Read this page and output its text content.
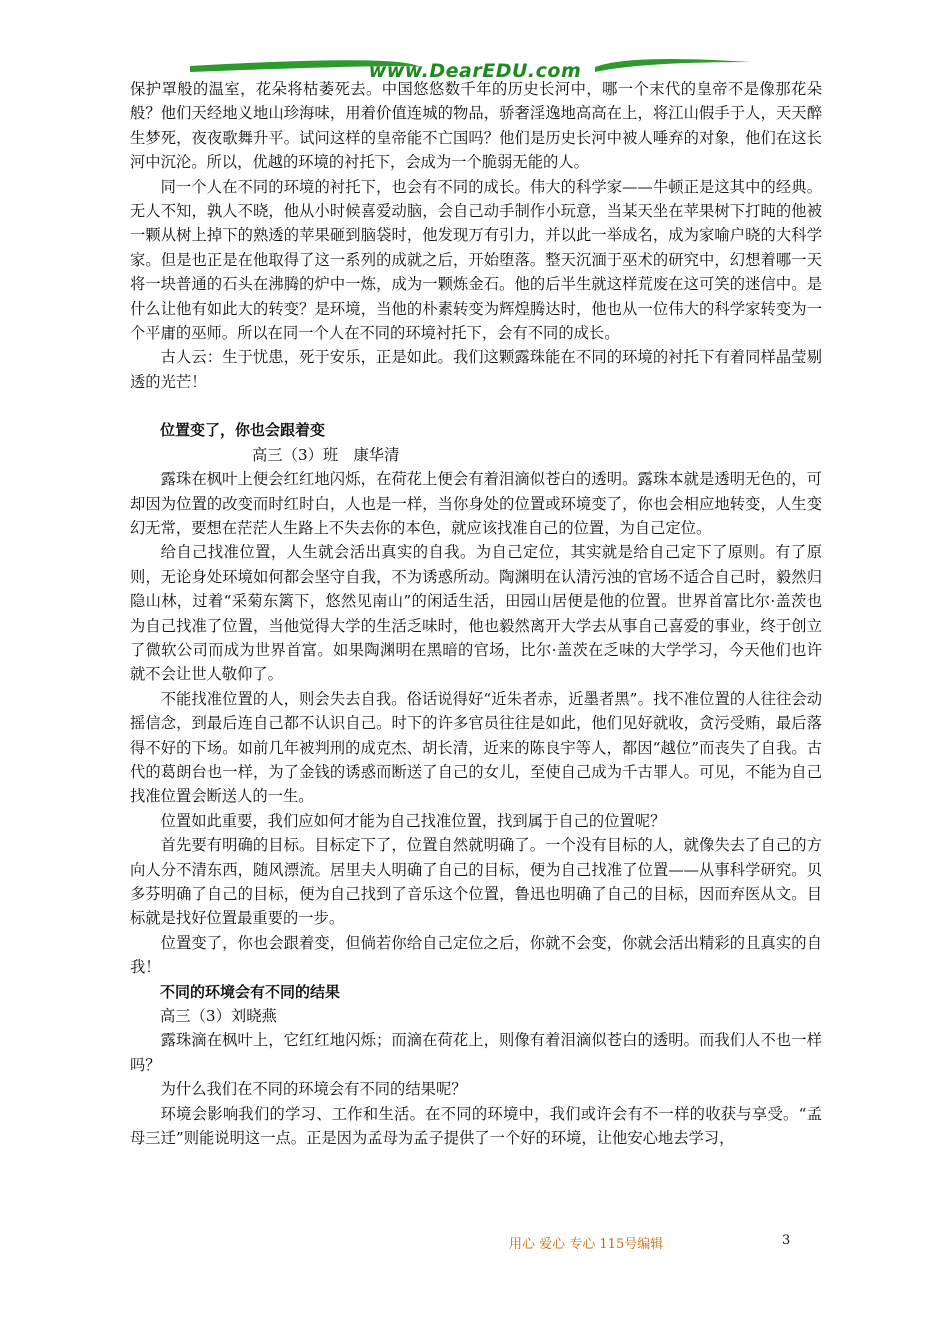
www.DearEDU.com

保护罩般的温室，花朵将枯萎死去。中国悠悠数千年的历史长河中，哪一个末代的皇帝不是像那花朵般？他们天经地义地山珍海味，用着价值连城的物品，骄奢淫逸地高高在上，将江山假手于人，天天醉生梦死，夜夜歌舞升平。试问这样的皇帝能不亡国吗？他们是历史长河中被人唾弃的对象，他们在这长河中沉沦。所以，优越的环境的衬托下，会成为一个脆弱无能的人。

同一个人在不同的环境的衬托下，也会有不同的成长。伟大的科学家——牛顿正是这其中的经典。无人不知，孰人不晓，他从小时候喜爱动脑，会自己动手制作小玩意，当某天坐在苹果树下打盹的他被一颗从树上掉下的熟透的苹果砸到脑袋时，他发现万有引力，并以此一举成名，成为家喻户晓的大科学家。但是也正是在他取得了这一系列的成就之后，开始堕落。整天沉湎于巫术的研究中，幻想着哪一天将一块普通的石头在沸腾的炉中一炼，成为一颗炼金石。他的后半生就这样荒废在这可笑的迷信中。是什么让他有如此大的转变？是环境，当他的朴素转变为辉煌腾达时，他也从一位伟大的科学家转变为一个平庸的巫师。所以在同一个人在不同的环境衬托下，会有不同的成长。

古人云：生于忧患，死于安乐，正是如此。我们这颗露珠能在不同的环境的衬托下有着同样晶莹剔透的光芒！

位置变了，你也会跟着变
高三（3）班　康华清

露珠在枫叶上便会红红地闪烁，在荷花上便会有着泪滴似苍白的透明。露珠本就是透明无色的，可却因为位置的改变而时红时白，人也是一样，当你身处的位置或环境变了，你也会相应地转变，人生变幻无常，要想在茫茫人生路上不失去你的本色，就应该找准自己的位置，为自己定位。

给自己找准位置，人生就会活出真实的自我。为自己定位，其实就是给自己定下了原则。有了原则，无论身处环境如何都会坚守自我，不为诱惑所动。陶渊明在认清污浊的官场不适合自己时，毅然归隐山林，过着“采菊东篱下，悠然见南山”的闲适生活，田园山居便是他的位置。世界首富比尔·盖茨也为自己找准了位置，当他觉得大学的生活乏味时，他也毅然离开大学去从事自己喜爱的事业，终于创立了微软公司而成为世界首富。如果陶渊明在黑暗的官场，比尔·盖茨在乏味的大学学习，今天他们也许就不会让世人敬仰了。

不能找准位置的人，则会失去自我。俗话说得好“近朱者赤，近墨者黑”。找不准位置的人往往会动摇信念，到最后连自己都不认识自己。时下的许多官员往往是如此，他们见好就收，贪污受贿，最后落得不好的下场。如前几年被判刑的成克杰、胡长清，近来的陈良宇等人，都因“越位”而丧失了自我。古代的葛朗台也一样，为了金钱的诱惑而断送了自己的女儿，至使自己成为千古罪人。可见，不能为自己找准位置会断送人的一生。

位置如此重要，我们应如何才能为自己找准位置，找到属于自己的位置呢？

首先要有明确的目标。目标定下了，位置自然就明确了。一个没有目标的人，就像失去了自己的方向人分不清东西，随风漂流。居里夫人明确了自己的目标，便为自己找准了位置——从事科学研究。贝多芬明确了自己的目标，便为自己找到了音乐这个位置，鲁迅也明确了自己的目标，因而弃医从文。目标就是找好位置最重要的一步。

位置变了，你也会跟着变，但倘若你给自己定位之后，你就不会变，你就会活出精彩的且真实的自我！

不同的环境会有不同的结果
高三（3）刘晓燕

露珠滴在枫叶上，它红红地闪烁；而滴在荷花上，则像有着泪滴似苍白的透明。而我们人不也一样吗？

为什么我们在不同的环境会有不同的结果呢？

环境会影响我们的学习、工作和生活。在不同的环境中，我们或许会有不一样的收获与享受。“孟母三迁”则能说明这一点。正是因为孟母为孟子提供了一个好的环境，让他安心地去学习，

用心 爱心 专心 115号编辑	3
